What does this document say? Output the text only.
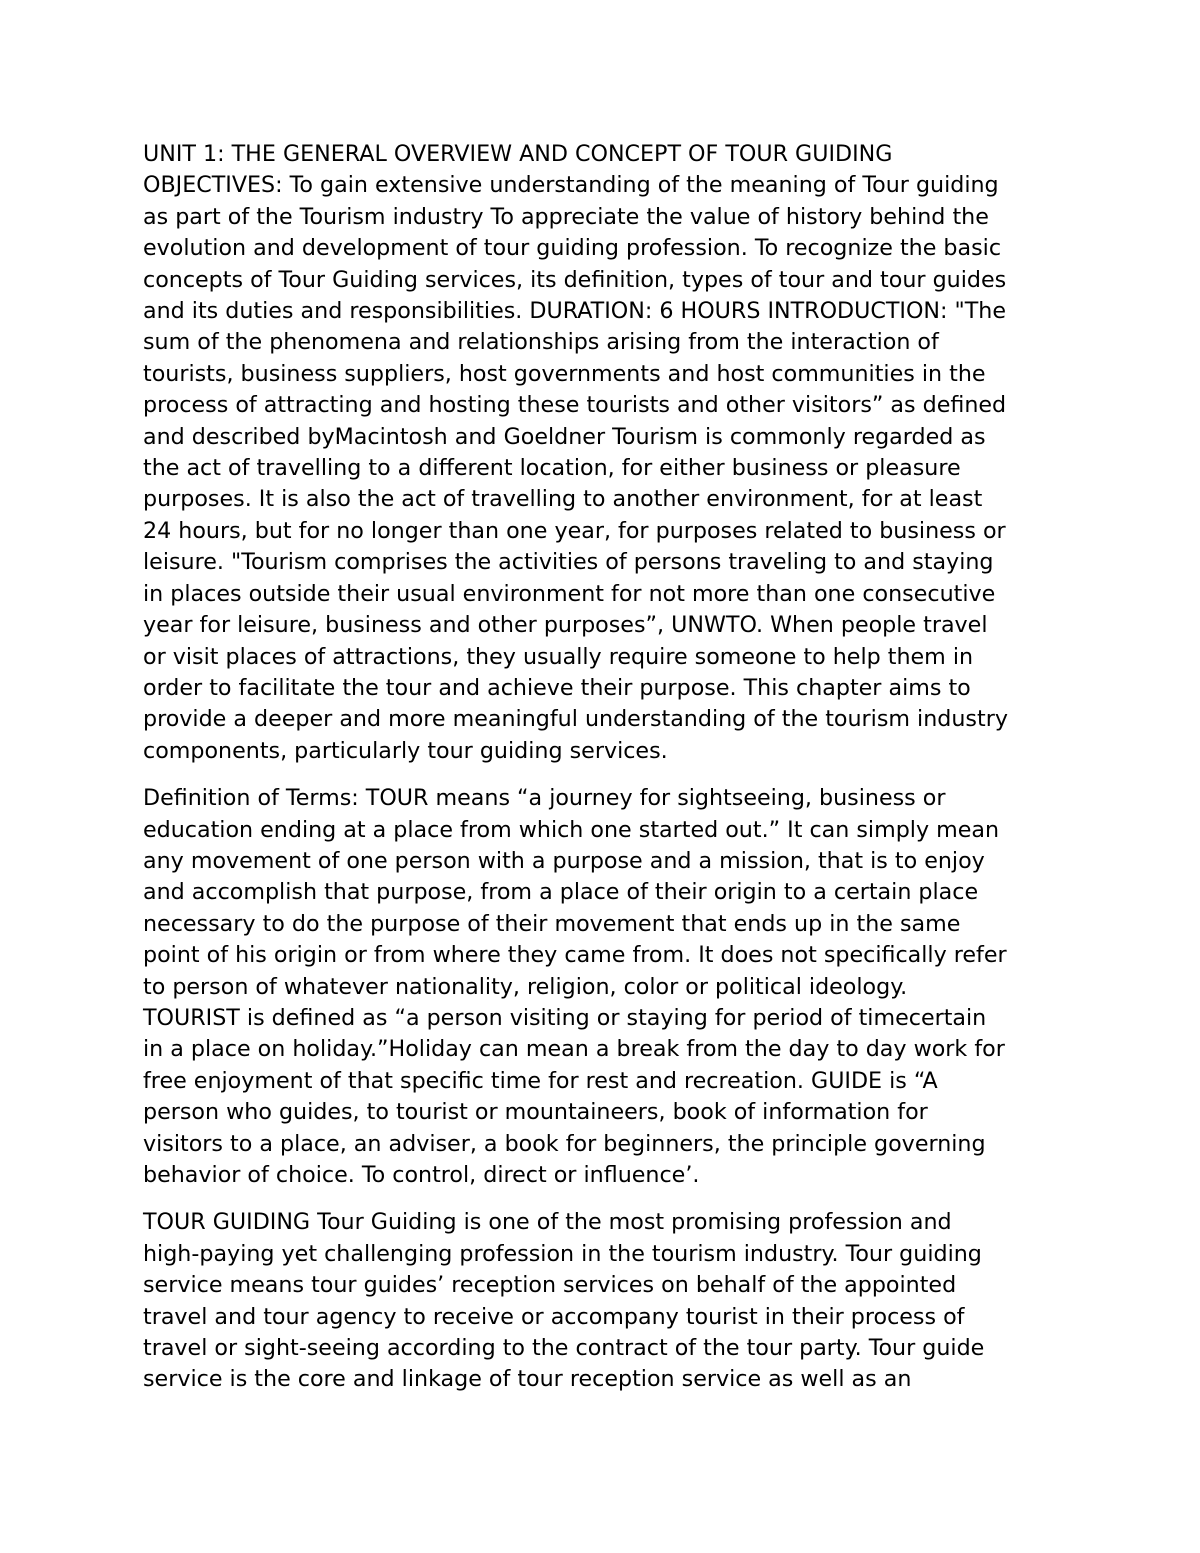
UNIT 1: THE GENERAL OVERVIEW AND CONCEPT OF TOUR GUIDING
OBJECTIVES: To gain extensive understanding of the meaning of Tour guiding
as part of the Tourism industry To appreciate the value of history behind the
evolution and development of tour guiding profession. To recognize the basic
concepts of Tour Guiding services, its definition, types of tour and tour guides
and its duties and responsibilities. DURATION: 6 HOURS INTRODUCTION: "The
sum of the phenomena and relationships arising from the interaction of
tourists, business suppliers, host governments and host communities in the
process of attracting and hosting these tourists and other visitors” as defined
and described byMacintosh and Goeldner Tourism is commonly regarded as
the act of travelling to a different location, for either business or pleasure
purposes. It is also the act of travelling to another environment, for at least
24 hours, but for no longer than one year, for purposes related to business or
leisure. "Tourism comprises the activities of persons traveling to and staying
in places outside their usual environment for not more than one consecutive
year for leisure, business and other purposes”, UNWTO. When people travel
or visit places of attractions, they usually require someone to help them in
order to facilitate the tour and achieve their purpose. This chapter aims to
provide a deeper and more meaningful understanding of the tourism industry
components, particularly tour guiding services.

Definition of Terms: TOUR means “a journey for sightseeing, business or
education ending at a place from which one started out.” It can simply mean
any movement of one person with a purpose and a mission, that is to enjoy
and accomplish that purpose, from a place of their origin to a certain place
necessary to do the purpose of their movement that ends up in the same
point of his origin or from where they came from. It does not specifically refer
to person of whatever nationality, religion, color or political ideology.
TOURIST is defined as “a person visiting or staying for period of timecertain
in a place on holiday.”Holiday can mean a break from the day to day work for
free enjoyment of that specific time for rest and recreation. GUIDE is “A
person who guides, to tourist or mountaineers, book of information for
visitors to a place, an adviser, a book for beginners, the principle governing
behavior of choice. To control, direct or influence’.

TOUR GUIDING Tour Guiding is one of the most promising profession and
high-paying yet challenging profession in the tourism industry. Tour guiding
service means tour guides’ reception services on behalf of the appointed
travel and tour agency to receive or accompany tourist in their process of
travel or sight-seeing according to the contract of the tour party. Tour guide
service is the core and linkage of tour reception service as well as an
